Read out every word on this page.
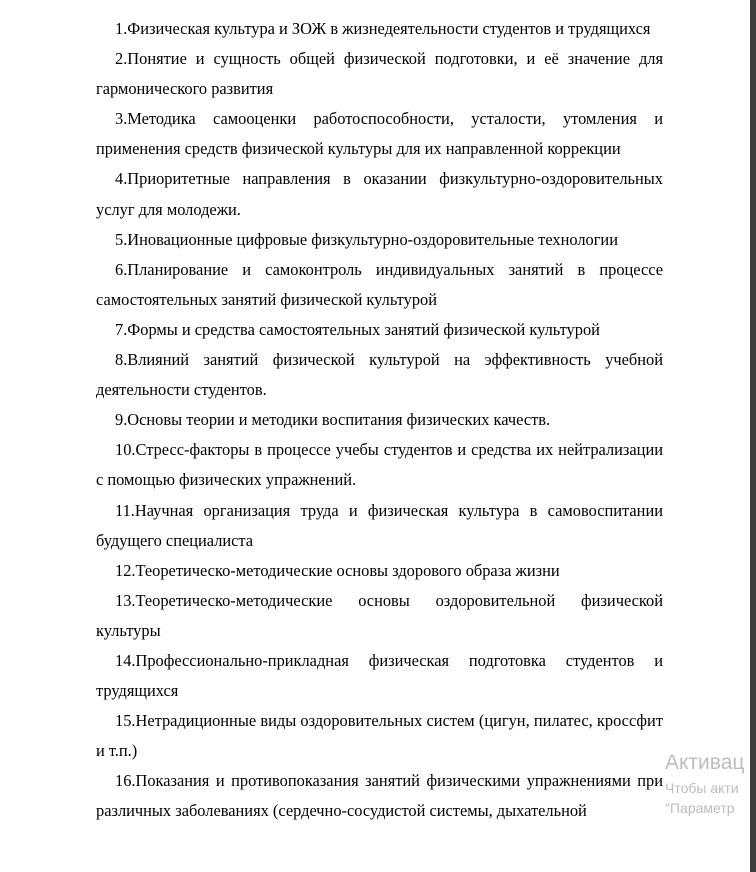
1.Физическая культура и ЗОЖ в жизнедеятельности студентов и трудящихся
2.Понятие и сущность общей физической подготовки, и её значение для гармонического развития
3.Методика самооценки работоспособности, усталости, утомления и применения средств физической культуры для их направленной коррекции
4.Приоритетные направления в оказании физкультурно-оздоровительных услуг для молодежи.
5.Иновационные цифровые физкультурно-оздоровительные технологии
6.Планирование и самоконтроль индивидуальных занятий в процессе самостоятельных занятий физической культурой
7.Формы и средства самостоятельных занятий физической культурой
8.Влияний занятий физической культурой на эффективность учебной деятельности студентов.
9.Основы теории и методики воспитания физических качеств.
10.Стресс-факторы в процессе учебы студентов и средства их нейтрализации с помощью физических упражнений.
11.Научная организация труда и физическая культура в самовоспитании будущего специалиста
12.Теоретическо-методические основы здорового образа жизни
13.Теоретическо-методические основы оздоровительной физической культуры
14.Профессионально-прикладная физическая подготовка студентов и трудящихся
15.Нетрадиционные виды оздоровительных систем (цигун, пилатес, кроссфит и т.п.)
16.Показания и противопоказания занятий физическими упражнениями при различных заболеваниях (сердечно-сосудистой системы, дыхательной
Активац
Чтобы акти
"Параметр
